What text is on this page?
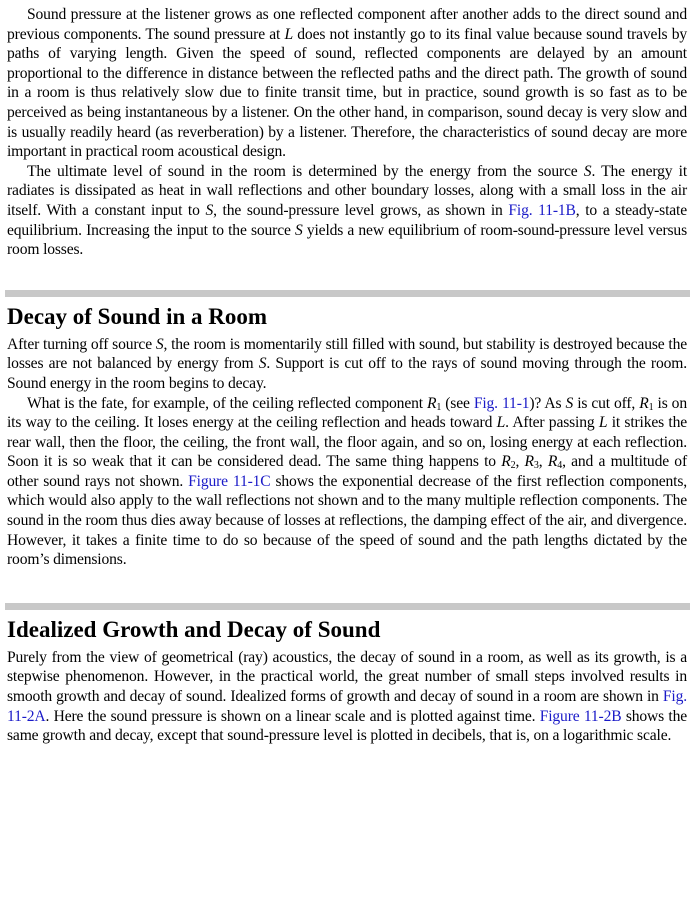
Sound pressure at the listener grows as one reflected component after another adds to the direct sound and previous components. The sound pressure at L does not instantly go to its final value because sound travels by paths of varying length. Given the speed of sound, reflected components are delayed by an amount proportional to the difference in distance between the reflected paths and the direct path. The growth of sound in a room is thus relatively slow due to finite transit time, but in practice, sound growth is so fast as to be perceived as being instantaneous by a listener. On the other hand, in comparison, sound decay is very slow and is usually readily heard (as reverberation) by a listener. Therefore, the characteristics of sound decay are more important in practical room acoustical design.

The ultimate level of sound in the room is determined by the energy from the source S. The energy it radiates is dissipated as heat in wall reflections and other boundary losses, along with a small loss in the air itself. With a constant input to S, the sound-pressure level grows, as shown in Fig. 11-1B, to a steady-state equilibrium. Increasing the input to the source S yields a new equilibrium of room-sound-pressure level versus room losses.

Decay of Sound in a Room

After turning off source S, the room is momentarily still filled with sound, but stability is destroyed because the losses are not balanced by energy from S. Support is cut off to the rays of sound moving through the room. Sound energy in the room begins to decay.

What is the fate, for example, of the ceiling reflected component $R_1$ (see Fig. 11-1)? As S is cut off, $R_1$ is on its way to the ceiling. It loses energy at the ceiling reflection and heads toward L. After passing L it strikes the rear wall, then the floor, the ceiling, the front wall, the floor again, and so on, losing energy at each reflection. Soon it is so weak that it can be considered dead. The same thing happens to $R_2$, $R_3$, $R_4$, and a multitude of other sound rays not shown. Figure 11-1C shows the exponential decrease of the first reflection components, which would also apply to the wall reflections not shown and to the many multiple reflection components. The sound in the room thus dies away because of losses at reflections, the damping effect of the air, and divergence. However, it takes a finite time to do so because of the speed of sound and the path lengths dictated by the room’s dimensions.

Idealized Growth and Decay of Sound

Purely from the view of geometrical (ray) acoustics, the decay of sound in a room, as well as its growth, is a stepwise phenomenon. However, in the practical world, the great number of small steps involved results in smooth growth and decay of sound. Idealized forms of growth and decay of sound in a room are shown in Fig. 11-2A. Here the sound pressure is shown on a linear scale and is plotted against time. Figure 11-2B shows the same growth and decay, except that sound-pressure level is plotted in decibels, that is, on a logarithmic scale.
